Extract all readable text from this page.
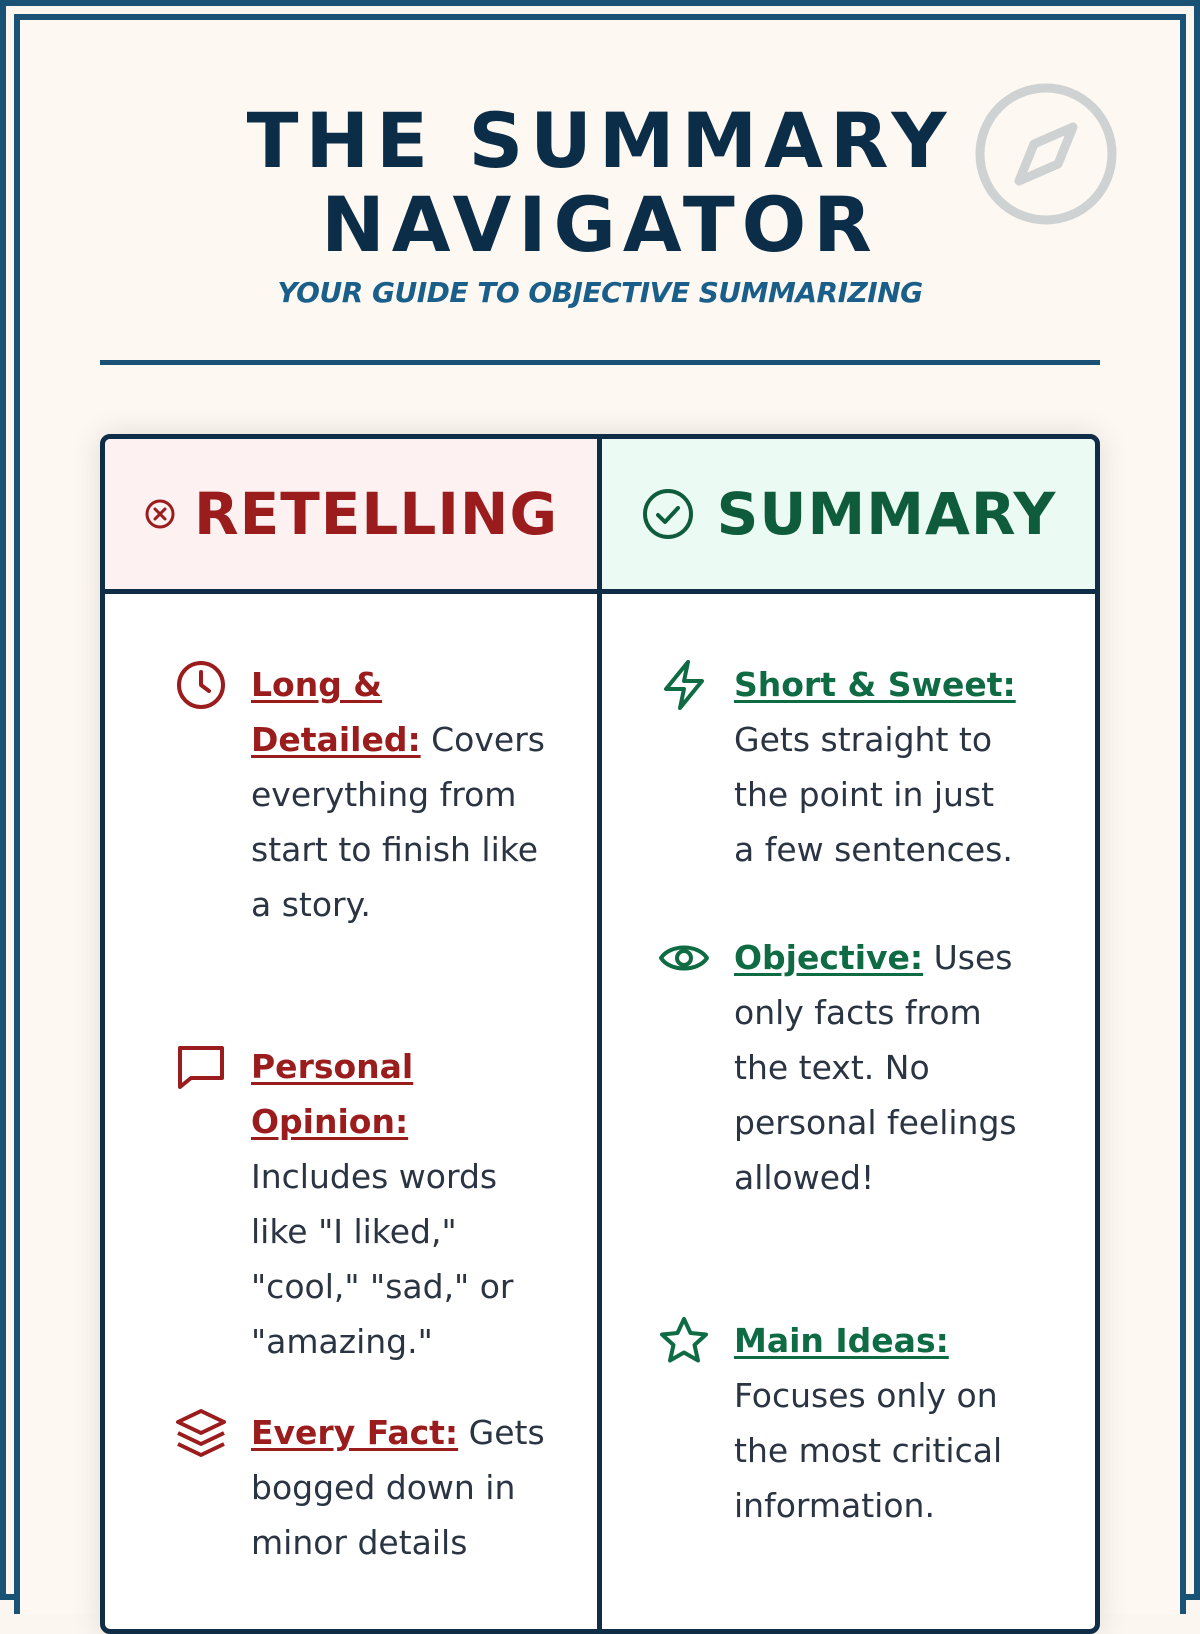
THE SUMMARY
NAVIGATOR
YOUR GUIDE TO OBJECTIVE SUMMARIZING
RETELLING	SUMMARY
Long & Detailed: Covers everything from start to finish like a story.
Personal Opinion: Includes words like "I liked," "cool," "sad," or "amazing."
Every Fact: Gets bogged down in minor details
Short & Sweet: Gets straight to the point in just a few sentences.
Objective: Uses only facts from the text. No personal feelings allowed!
Main Ideas: Focuses only on the most critical information.
